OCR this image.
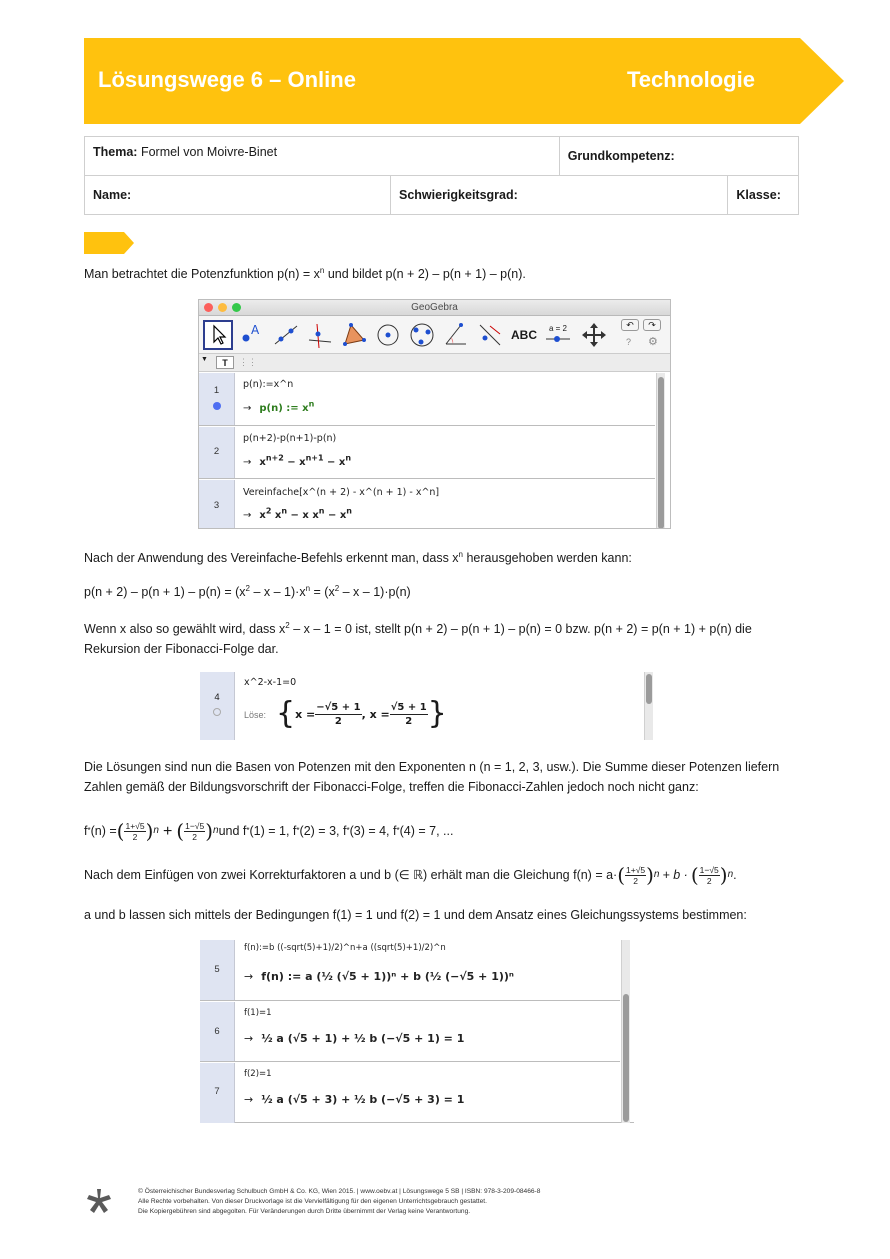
Lösungswege 6 – Online	Technologie
Thema: Formel von Moivre-Binet		Grundkompetenz:	
Name:	Schwierigkeitsgrad:		Klasse:

Man betrachtet die Potenzfunktion $p(n) = x^n$ und bildet p(n + 2) – p(n + 1) – p(n).

GeoGebra
A	ABC	a = 2	↶	↷
? ⚙
▼	T	⋮⋮
1
p(n):=x^n
→ p(n) := $x^n$
2
p(n+2)-p(n+1)-p(n)
→ $x^{n+2} - x^{n+1} - x^n$
3
Vereinfache[x^(n + 2) - x^(n + 1) - x^n]
→ $x^2$ $x^n - x$ $x^n - x^n$

Nach der Anwendung des Vereinfache-Befehls erkennt man, dass $x^n$ herausgehoben werden kann:

$p(n + 2) - p(n + 1) - p(n) = (x^2 - x - 1)\cdot x^n = (x^2 - x - 1)\cdot p(n)$

Wenn x also so gewählt wird, dass $x^2 - x - 1 = 0$ ist, stellt p(n + 2) – p(n + 1) – p(n) = 0 bzw. p(n + 2) = p(n + 1) + p(n) die Rekursion der Fibonacci-Folge dar.

4
x^2-x-1=0
Löse: { $x = \frac{-√5 + 1}{2}$ , $x = \frac{√5 + 1}{2}$ }

Die Lösungen sind nun die Basen von Potenzen mit den Exponenten n (n = 1, 2, 3, usw.). Die Summe dieser Potenzen liefern Zahlen gemäß der Bildungsvorschrift der Fibonacci-Folge, treffen die Fibonacci-Zahlen jedoch noch nicht ganz:

f * (n) = ( $\frac{1+√5}{2}$ ) n + ( $\frac{1-√5}{2}$ ) n und f * (1) = 1, f * (2) = 3, f * (3) = 4, f * (4) = 7, ...

Nach dem Einfügen von zwei Korrekturfaktoren a und b (∈ ℝ) erhält man die Gleichung f(n) = a· ( $\frac{1+√5}{2}$ ) n + b · ( $\frac{1-√5}{2}$ ) n .

a und b lassen sich mittels der Bedingungen f(1) = 1 und f(2) = 1 und dem Ansatz eines Gleichungssystems bestimmen:

5
f(n):=b ((-sqrt(5)+1)/2)^n+a ((sqrt(5)+1)/2)^n
→ f(n) := a (½ (√5 + 1))ⁿ + b (½ (−√5 + 1))ⁿ
6
f(1)=1
→ ½ a (√5 + 1) + ½ b (−√5 + 1) = 1
7
f(2)=1
→ ½ a (√5 + 3) + ½ b (−√5 + 3) = 1
© Österreichischer Bundesverlag Schulbuch GmbH & Co. KG, Wien 2015. | www.oebv.at | Lösungswege 5 SB | ISBN: 978-3-209-08466-8
Alle Rechte vorbehalten. Von dieser Druckvorlage ist die Vervielfältigung für den eigenen Unterrichtsgebrauch gestattet.
Die Kopiergebühren sind abgegolten. Für Veränderungen durch Dritte übernimmt der Verlag keine Verantwortung.
